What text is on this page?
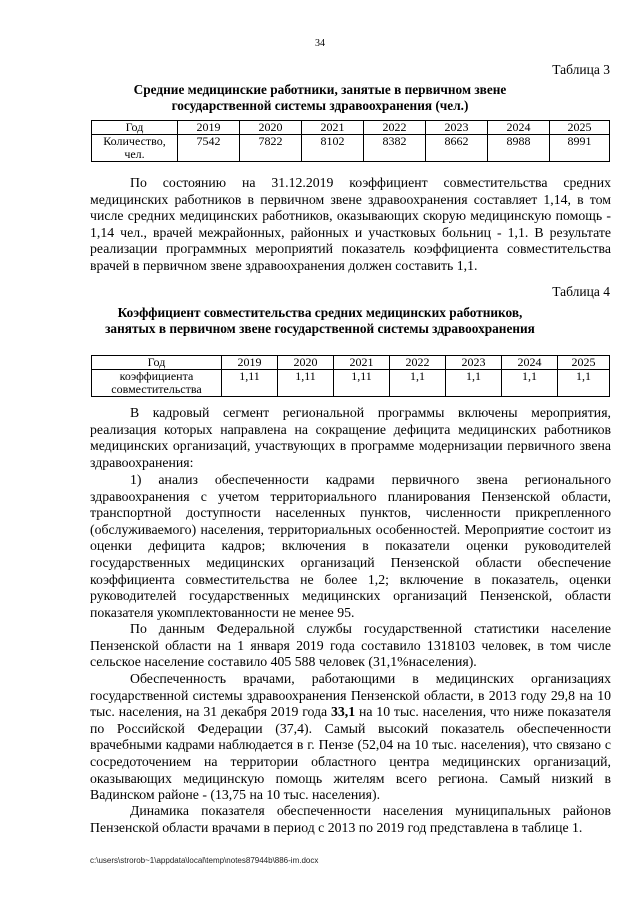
34
Таблица 3
Средние медицинские работники, занятые в первичном звене
государственной системы здравоохранения (чел.)
Год	2019	2020	2021	2022	2023	2024	2025
Количество, чел.	7542	7822	8102	8382	8662	8988	8991

По состоянию на 31.12.2019 коэффициент совместительства средних медицинских работников в первичном звене здравоохранения составляет 1,14, в том числе средних медицинских работников, оказывающих скорую медицинскую помощь - 1,14 чел., врачей межрайонных, районных и участковых больниц - 1,1. В результате реализации программных мероприятий показатель коэффициента совместительства врачей в первичном звене здравоохранения должен составить 1,1.

Таблица 4
Коэффициент совместительства средних медицинских работников,
занятых в первичном звене государственной системы здравоохранения
Год	2019	2020	2021	2022	2023	2024	2025
коэффициента совместительства	1,11	1,11	1,11	1,1	1,1	1,1	1,1

В кадровый сегмент региональной программы включены мероприятия, реализация которых направлена на сокращение дефицита медицинских работников медицинских организаций, участвующих в программе модернизации первичного звена здравоохранения:

1) анализ обеспеченности кадрами первичного звена регионального здравоохранения с учетом территориального планирования Пензенской области, транспортной доступности населенных пунктов, численности прикрепленного (обслуживаемого) населения, территориальных особенностей. Мероприятие состоит из оценки дефицита кадров; включения в показатели оценки руководителей государственных медицинских организаций Пензенской области обеспечение коэффициента совместительства не более 1,2; включение в показатель, оценки руководителей государственных медицинских организаций Пензенской, области показателя укомплектованности не менее 95.

По данным Федеральной службы государственной статистики население Пензенской области на 1 января 2019 года составило 1318103 человек, в том числе сельское население составило 405 588 человек (31,1%населения).

Обеспеченность врачами, работающими в медицинских организациях государственной системы здравоохранения Пензенской области, в 2013 году 29,8 на 10 тыс. населения, на 31 декабря 2019 года 33,1 на 10 тыс. населения, что ниже показателя по Российской Федерации (37,4). Самый высокий показатель обеспеченности врачебными кадрами наблюдается в г. Пензе (52,04 на 10 тыс. населения), что связано с сосредоточением на территории областного центра медицинских организаций, оказывающих медицинскую помощь жителям всего региона. Самый низкий в Вадинском районе - (13,75 на 10 тыс. населения).

Динамика показателя обеспеченности населения муниципальных районов Пензенской области врачами в период с 2013 по 2019 год представлена в таблице 1.

c:\users\strorob~1\appdata\local\temp\notes87944b\886-im.docx
